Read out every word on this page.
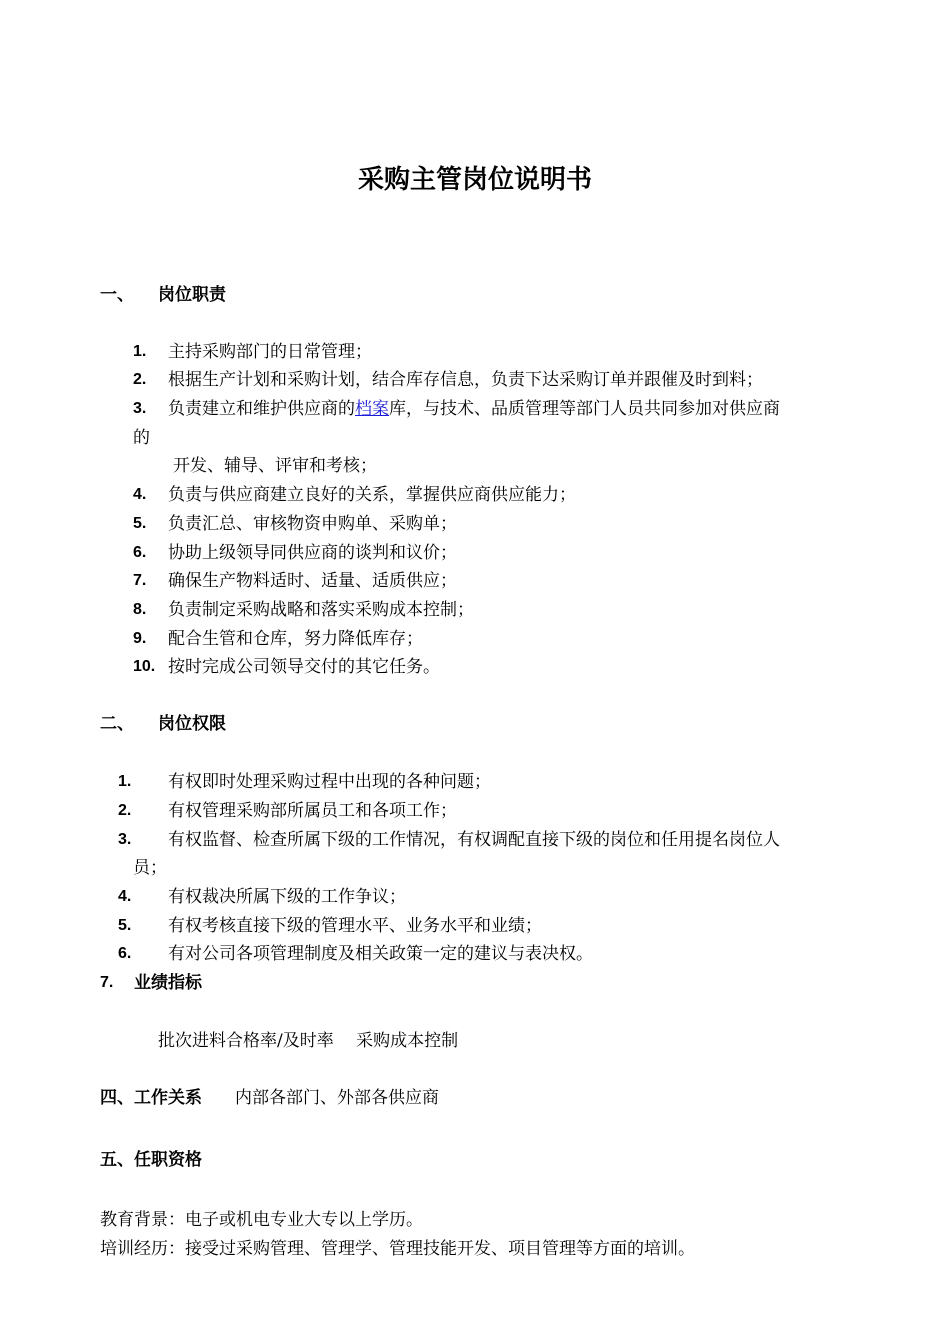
采购主管岗位说明书
一、 岗位职责
1. 主持采购部门的日常管理；
2. 根据生产计划和采购计划，结合库存信息，负责下达采购订单并跟催及时到料；
3. 负责建立和维护供应商的档案库，与技术、品质管理等部门人员共同参加对供应商
的
开发、辅导、评审和考核；
4. 负责与供应商建立良好的关系，掌握供应商供应能力；
5. 负责汇总、审核物资申购单、采购单；
6. 协助上级领导同供应商的谈判和议价；
7. 确保生产物料适时、适量、适质供应；
8. 负责制定采购战略和落实采购成本控制；
9. 配合生管和仓库，努力降低库存；
10. 按时完成公司领导交付的其它任务。
二、 岗位权限
1. 有权即时处理采购过程中出现的各种问题；
2. 有权管理采购部所属员工和各项工作；
3. 有权监督、检查所属下级的工作情况，有权调配直接下级的岗位和任用提名岗位人
员；
4. 有权裁决所属下级的工作争议；
5. 有权考核直接下级的管理水平、业务水平和业绩；
6. 有对公司各项管理制度及相关政策一定的建议与表决权。
7. 业绩指标
批次进料合格率/及时率　 采购成本控制
四、工作关系 内部各部门、外部各供应商
五、任职资格
教育背景：电子或机电专业大专以上学历。
培训经历：接受过采购管理、管理学、管理技能开发、项目管理等方面的培训。
